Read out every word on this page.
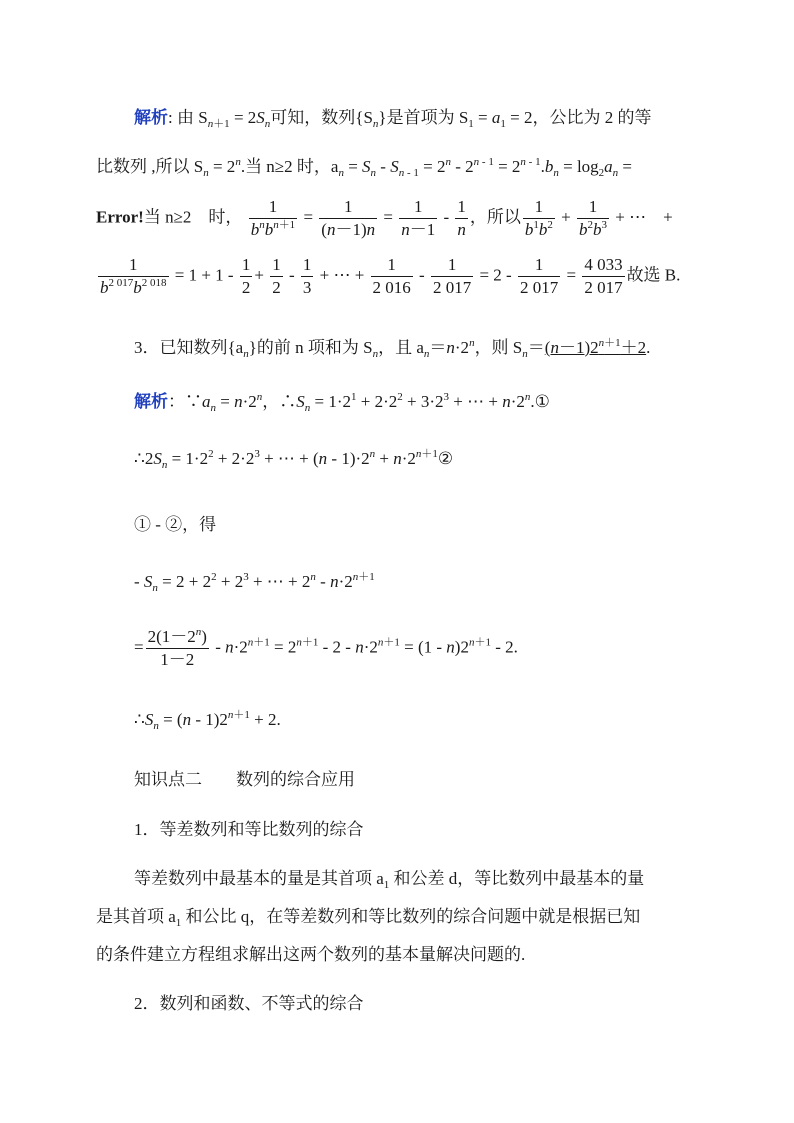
解析: 由 $S_{n+1} = 2S_n$可知，数列$\{S_n\}$是首项为 $S_1 = a_1 = 2$，公比为 2 的等
比数列 ,所以 $S_n = 2^n$.当 n≥2 时，$a_n = S_n - S_{n - 1} = 2^n - 2^{n - 1} = 2^{n - 1}.b_n = \log_2a_n$ =
Error!当 n≥2　时， $\frac{1}{b^nb^{n+1}} = \frac{1}{(n-1)n} = \frac{1}{n-1} - \frac{1}{n}$ ，所以 $\frac{1}{b^1b^2} + \frac{1}{b^2b^3}$ + ⋯    +
$\frac{1}{b^{2 017}b^{2 018}} = 1 + 1 - \frac{1}{2} + \frac{1}{2} - \frac{1}{3}$ + ⋯ + $\frac{1}{2 016} - \frac{1}{2 017} = 2 - \frac{1}{2 017} = \frac{4 033}{2 017}$ 故选 B.
3．已知数列$\{a_n\}$的前 n 项和为 $S_n$，且 $a_n=n\cdot 2^n$，则 $S_n=(n-1)2^{n+1}+2$.
解析：$\because a_n = n\cdot 2^n$，$\therefore S_n = 1\cdot 2^1 + 2\cdot 2^2 + 3\cdot 2^3$ + ⋯ + $n\cdot 2^n.①$
$\therefore 2S_n = 1\cdot 2^2 + 2\cdot 2^3$ + ⋯ + $(n - 1)\cdot 2^n$ + $n\cdot 2^{n+1}②$
① - ②，得
- $S_n = 2 + 2^2 + 2^3$ + ⋯ + $2^n - n\cdot 2^{n+1}$
= $\frac{2(1-2^n)}{1-2} - n\cdot 2^{n+1} = 2^{n+1} - 2 - n\cdot 2^{n+1} = (1 - n)2^{n+1} - 2$.
$\therefore S_n = (n - 1)2^{n+1} + 2$.
知识点二　　数列的综合应用
1．等差数列和等比数列的综合
等差数列中最基本的量是其首项 $a_1$ 和公差 d，等比数列中最基本的量
是其首项 $a_1$ 和公比 q，在等差数列和等比数列的综合问题中就是根据已知
的条件建立方程组求解出这两个数列的基本量解决问题的.
2．数列和函数、不等式的综合
